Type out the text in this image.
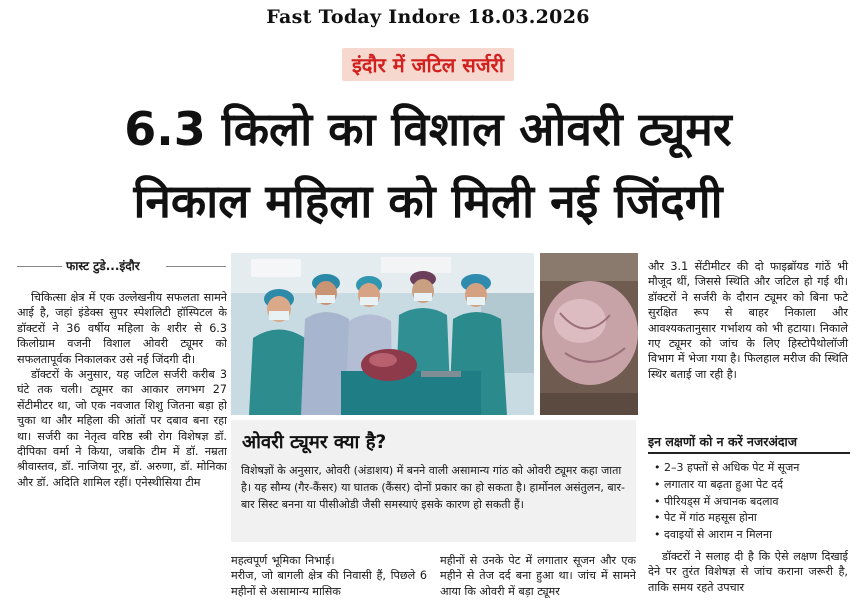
Fast Today Indore 18.03.2026
इंदौर में जटिल सर्जरी
6.3 किलो का विशाल ओवरी ट्यूमर
निकाल महिला को मिली नई जिंदगी
फास्ट टुडे...इंदौर

चिकित्सा क्षेत्र में एक उल्लेखनीय सफलता सामने आई है, जहां इंडेक्स सुपर स्पेशलिटी हॉस्पिटल के डॉक्टरों ने 36 वर्षीय महिला के शरीर से 6.3 किलोग्राम वजनी विशाल ओवरी ट्यूमर को सफलतापूर्वक निकालकर उसे नई जिंदगी दी।

डॉक्टरों के अनुसार, यह जटिल सर्जरी करीब 3 घंटे तक चली। ट्यूमर का आकार लगभग 27 सेंटीमीटर था, जो एक नवजात शिशु जितना बड़ा हो चुका था और महिला की आंतों पर दबाव बना रहा था। सर्जरी का नेतृत्व वरिष्ठ स्त्री रोग विशेषज्ञ डॉ. दीपिका वर्मा ने किया, जबकि टीम में डॉ. नम्रता श्रीवास्तव, डॉ. नाजिया नूर, डॉ. अरुणा, डॉ. मोनिका और डॉ. अदिति शामिल रहीं। एनेस्थीसिया टीम

ओवरी ट्यूमर क्या है?
विशेषज्ञों के अनुसार, ओवरी (अंडाशय) में बनने वाली असामान्य गांठ को ओवरी ट्यूमर कहा जाता है। यह सौम्य (गैर-कैंसर) या घातक (कैंसर) दोनों प्रकार का हो सकता है। हार्मोनल असंतुलन, बार-बार सिस्ट बनना या पीसीओडी जैसी समस्याएं इसके कारण हो सकती हैं।
महत्वपूर्ण भूमिका निभाई।                      मरीज, जो बागली क्षेत्र की निवासी हैं, पिछले 6 महीनों से असामान्य मासिक
महीनों से उनके पेट में लगातार सूजन और एक महीने से तेज दर्द बना हुआ था। जांच में सामने आया कि ओवरी में बड़ा ट्यूमर
और 3.1 सेंटीमीटर की दो फाइब्रॉयड गांठें भी मौजूद थीं, जिससे स्थिति और जटिल हो गई थी। डॉक्टरों ने सर्जरी के दौरान ट्यूमर को बिना फटे सुरक्षित रूप से बाहर निकाला और आवश्यकतानुसार गर्भाशय को भी हटाया। निकाले गए ट्यूमर को जांच के लिए हिस्टोपैथोलॉजी विभाग में भेजा गया है। फिलहाल मरीज की स्थिति स्थिर बताई जा रही है।
इन लक्षणों को न करें नजरअंदाज
• 2–3 हफ्तों से अधिक पेट में सूजन
• लगातार या बढ़ता हुआ पेट दर्द
• पीरियड्स में अचानक बदलाव
• पेट में गांठ महसूस होना
• दवाइयों से आराम न मिलना

डॉक्टरों ने सलाह दी है कि ऐसे लक्षण दिखाई देने पर तुरंत विशेषज्ञ से जांच कराना जरूरी है, ताकि समय रहते उपचार
